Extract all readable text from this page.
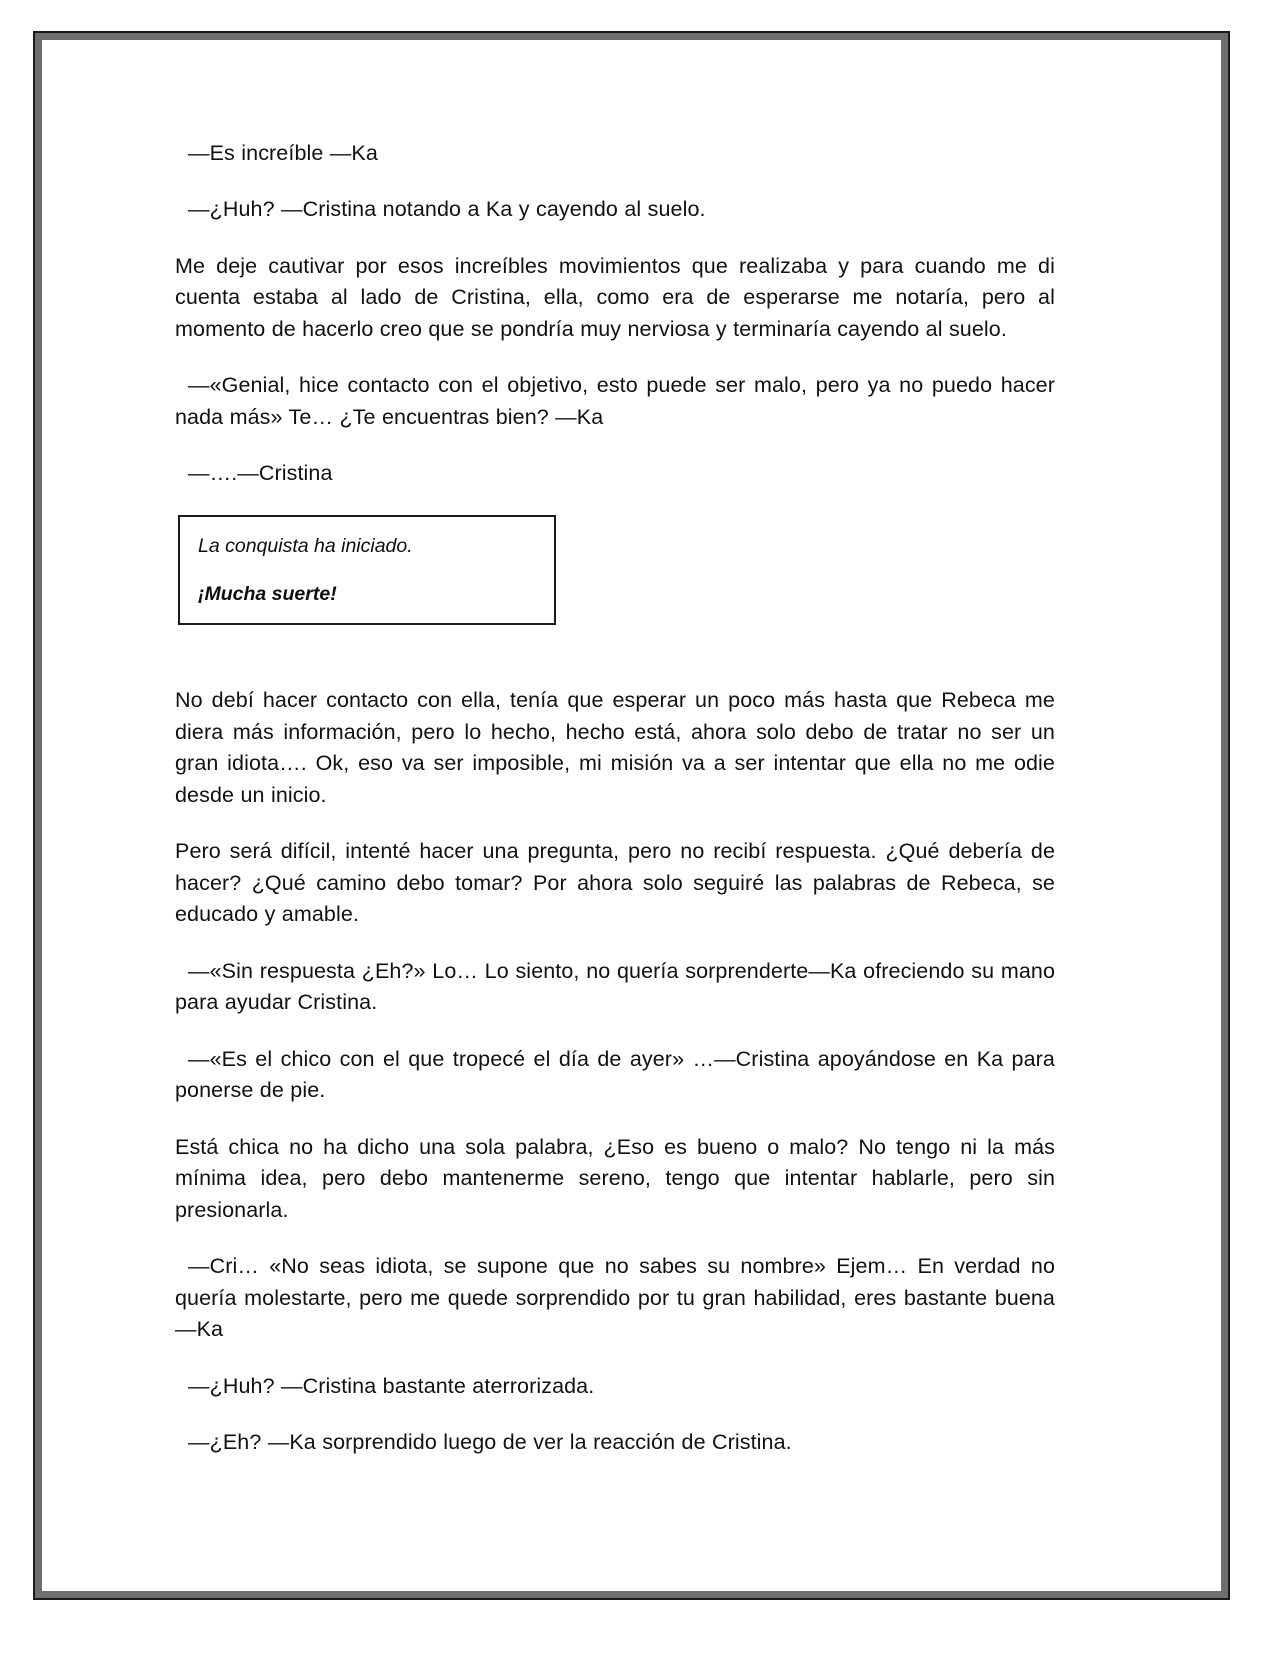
—Es increíble —Ka

—¿Huh? —Cristina notando a Ka y cayendo al suelo.

Me deje cautivar por esos increíbles movimientos que realizaba y para cuando me di cuenta estaba al lado de Cristina, ella, como era de esperarse me notaría, pero al momento de hacerlo creo que se pondría muy nerviosa y terminaría cayendo al suelo.

—«Genial, hice contacto con el objetivo, esto puede ser malo, pero ya no puedo hacer nada más» Te… ¿Te encuentras bien? —Ka

—….—Cristina

La conquista ha iniciado.

¡Mucha suerte!

No debí hacer contacto con ella, tenía que esperar un poco más hasta que Rebeca me diera más información, pero lo hecho, hecho está, ahora solo debo de tratar no ser un gran idiota…. Ok, eso va ser imposible, mi misión va a ser intentar que ella no me odie desde un inicio.

Pero será difícil, intenté hacer una pregunta, pero no recibí respuesta. ¿Qué debería de hacer? ¿Qué camino debo tomar? Por ahora solo seguiré las palabras de Rebeca, se educado y amable.

—«Sin respuesta ¿Eh?» Lo… Lo siento, no quería sorprenderte—Ka ofreciendo su mano para ayudar Cristina.

—«Es el chico con el que tropecé el día de ayer» …—Cristina apoyándose en Ka para ponerse de pie.

Está chica no ha dicho una sola palabra, ¿Eso es bueno o malo? No tengo ni la más mínima idea, pero debo mantenerme sereno, tengo que intentar hablarle, pero sin presionarla.

—Cri… «No seas idiota, se supone que no sabes su nombre» Ejem… En verdad no quería molestarte, pero me quede sorprendido por tu gran habilidad, eres bastante buena —Ka

—¿Huh? —Cristina bastante aterrorizada.

—¿Eh? —Ka sorprendido luego de ver la reacción de Cristina.
